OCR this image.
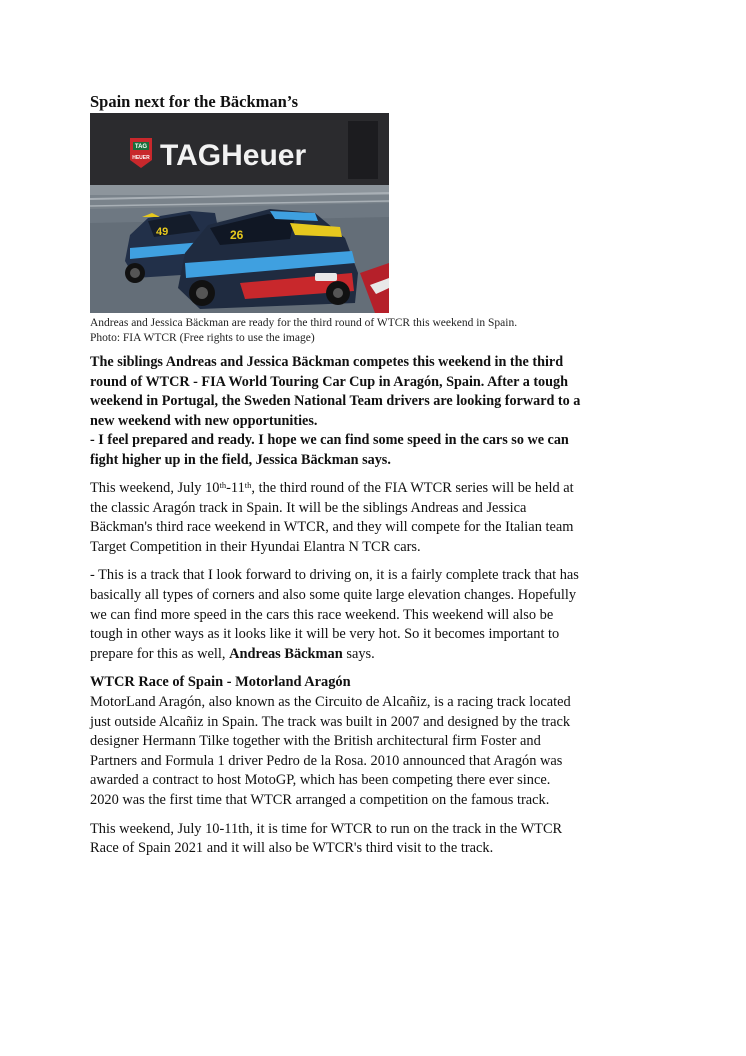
Spain next for the Bäckman’s
TAG
HEUER TAGHeuer
49	26
Andreas and Jessica Bäckman are ready for the third round of WTCR this weekend in Spain.
Photo: FIA WTCR (Free rights to use the image)
The siblings Andreas and Jessica Bäckman competes this weekend in the third
round of WTCR - FIA World Touring Car Cup in Aragón, Spain. After a tough
weekend in Portugal, the Sweden National Team drivers are looking forward to a
new weekend with new opportunities.
- I feel prepared and ready. I hope we can find some speed in the cars so we can
fight higher up in the field, Jessica Bäckman says.
This weekend, July 10th-11th, the third round of the FIA WTCR series will be held at
the classic Aragón track in Spain. It will be the siblings Andreas and Jessica
Bäckman's third race weekend in WTCR, and they will compete for the Italian team
Target Competition in their Hyundai Elantra N TCR cars.
- This is a track that I look forward to driving on, it is a fairly complete track that has
basically all types of corners and also some quite large elevation changes. Hopefully
we can find more speed in the cars this race weekend. This weekend will also be
tough in other ways as it looks like it will be very hot. So it becomes important to
prepare for this as well, Andreas Bäckman says.
WTCR Race of Spain - Motorland Aragón
MotorLand Aragón, also known as the Circuito de Alcañiz, is a racing track located
just outside Alcañiz in Spain. The track was built in 2007 and designed by the track
designer Hermann Tilke together with the British architectural firm Foster and
Partners and Formula 1 driver Pedro de la Rosa. 2010 announced that Aragón was
awarded a contract to host MotoGP, which has been competing there ever since.
2020 was the first time that WTCR arranged a competition on the famous track.
This weekend, July 10-11th, it is time for WTCR to run on the track in the WTCR
Race of Spain 2021 and it will also be WTCR's third visit to the track.
